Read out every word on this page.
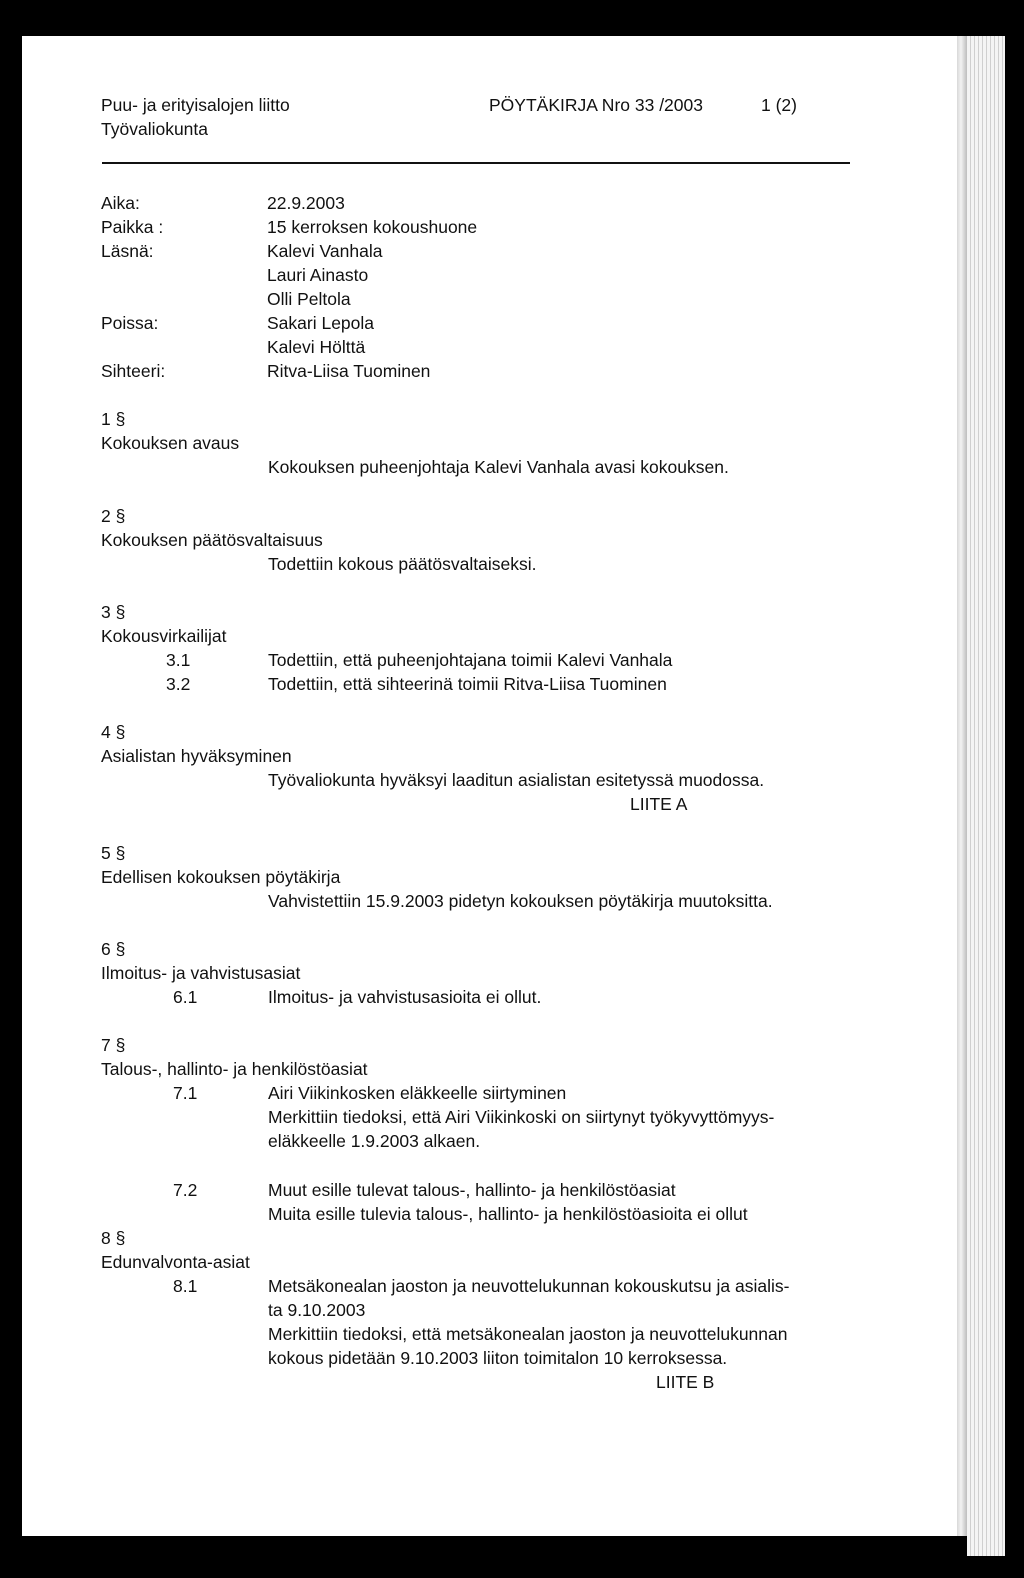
Puu- ja erityisalojen liitto
Työvaliokunta
PÖYTÄKIRJA Nro 33 /2003	1 (2)
Aika:	22.9.2003
Paikka :	15 kerroksen kokoushuone
Läsnä:	Kalevi Vanhala
Lauri Ainasto
Olli Peltola
Poissa:	Sakari Lepola
Kalevi Hölttä
Sihteeri:	Ritva-Liisa Tuominen
1 §
Kokouksen avaus
Kokouksen puheenjohtaja Kalevi Vanhala avasi kokouksen.
2 §
Kokouksen päätösvaltaisuus
Todettiin kokous päätösvaltaiseksi.
3 §
Kokousvirkailijat
3.1	Todettiin, että puheenjohtajana toimii Kalevi Vanhala
3.2	Todettiin, että sihteerinä toimii Ritva-Liisa Tuominen
4 §
Asialistan hyväksyminen
Työvaliokunta hyväksyi laaditun asialistan esitetyssä muodossa.
LIITE A
5 §
Edellisen kokouksen pöytäkirja
Vahvistettiin 15.9.2003 pidetyn kokouksen pöytäkirja muutoksitta.
6 §
Ilmoitus- ja vahvistusasiat
6.1	Ilmoitus- ja vahvistusasioita ei ollut.
7 §
Talous-, hallinto- ja henkilöstöasiat
7.1	Airi Viikinkosken eläkkeelle siirtyminen
Merkittiin tiedoksi, että Airi Viikinkoski on siirtynyt työkyvyttömyys-
eläkkeelle 1.9.2003 alkaen.
7.2	Muut esille tulevat talous-, hallinto- ja henkilöstöasiat
Muita esille tulevia talous-, hallinto- ja henkilöstöasioita ei ollut
8 §
Edunvalvonta-asiat
8.1	Metsäkonealan jaoston ja neuvottelukunnan kokouskutsu ja asialis-
ta 9.10.2003
Merkittiin tiedoksi, että metsäkonealan jaoston ja neuvottelukunnan
kokous pidetään 9.10.2003 liiton toimitalon 10 kerroksessa.
LIITE B
